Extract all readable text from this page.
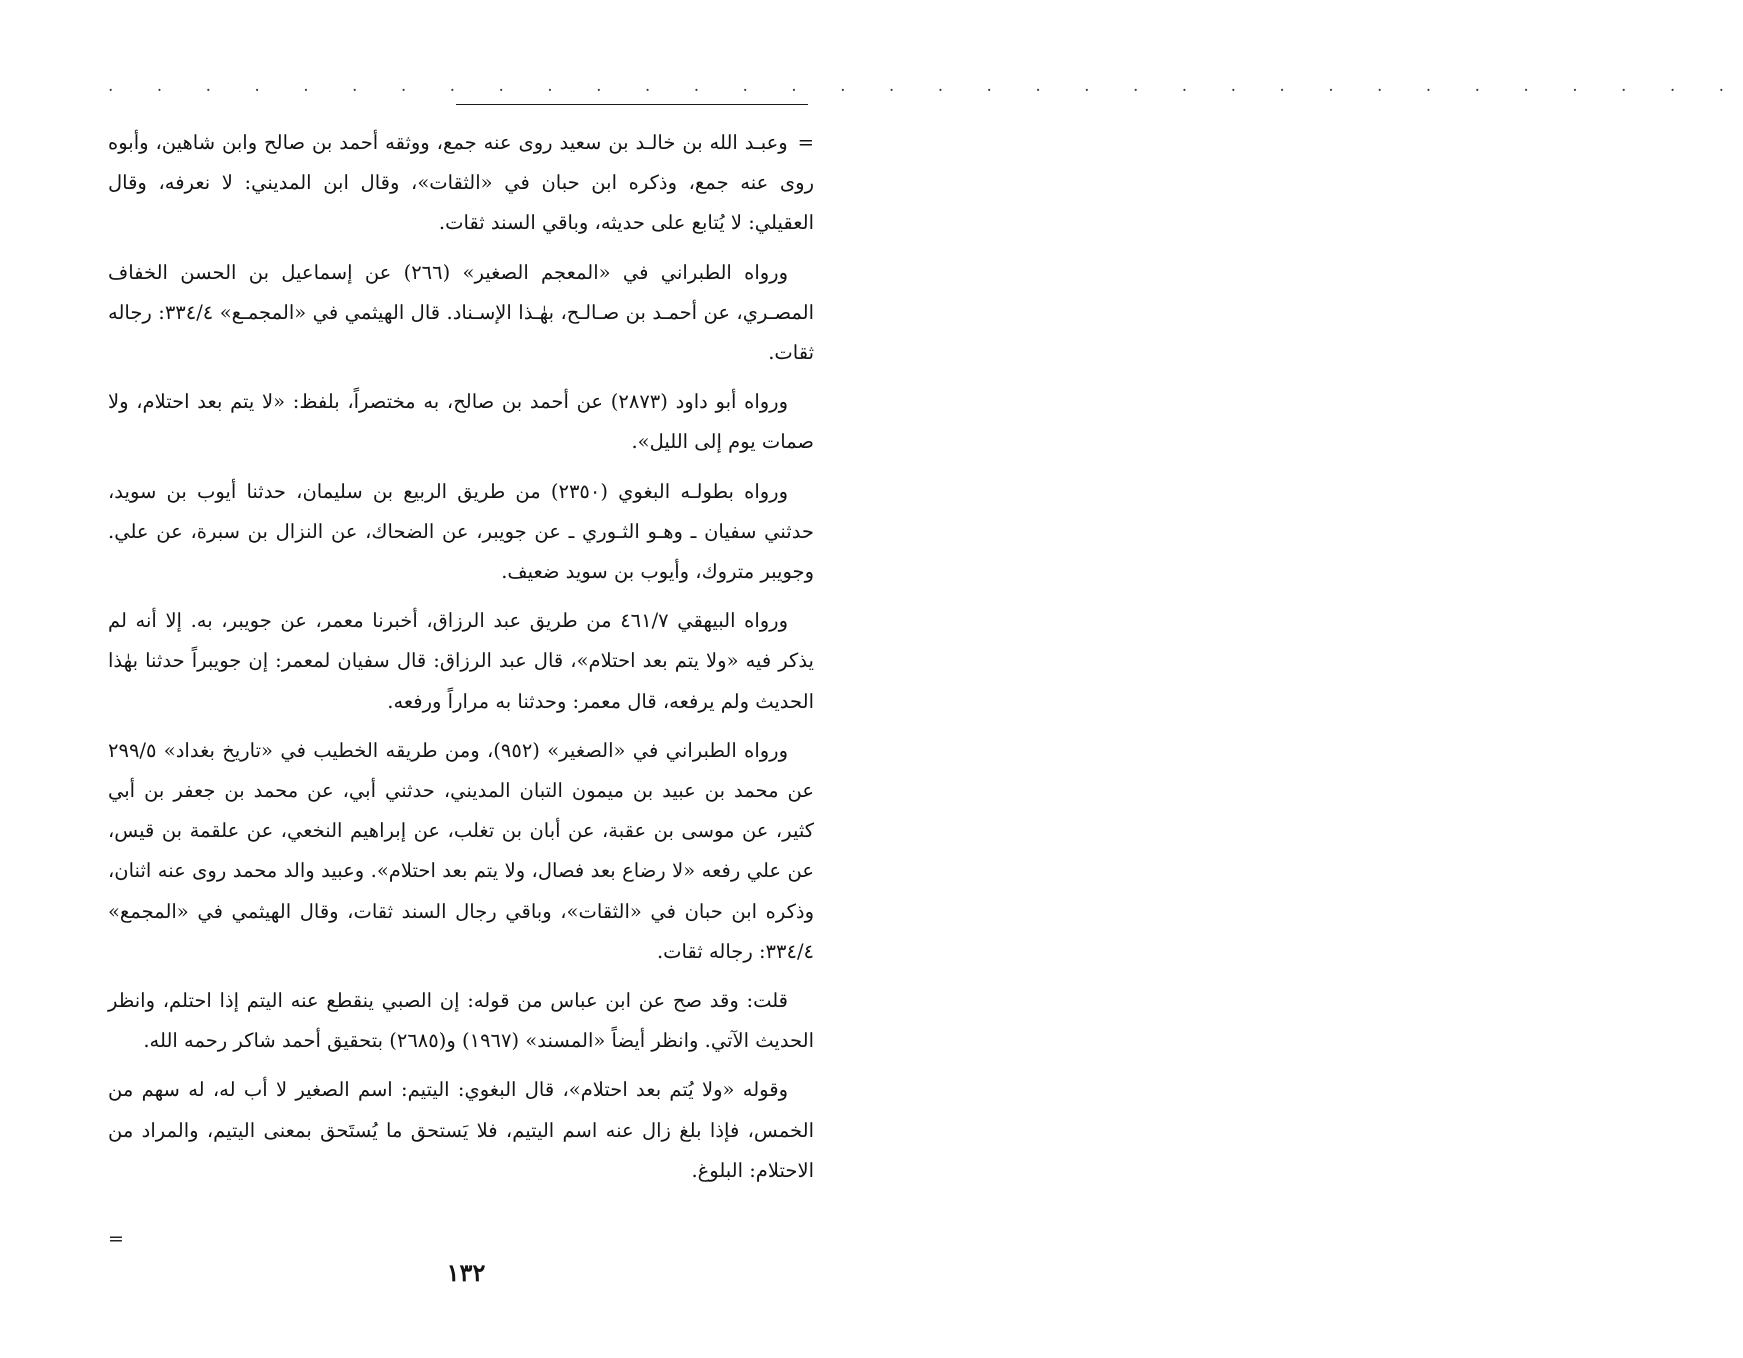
. . . . . . . . . . . . . . . . . . . . . . . . . . . . . . . . . .

=وعبـد الله بن خالـد بن سعيد روى عنه جمع، ووثقه أحمد بن صالح وابن شاهين، وأبوه روى عنه جمع، وذكره ابن حبان في «الثقات»، وقال ابن المديني: لا نعرفه، وقال العقيلي: لا يُتابع على حديثه، وباقي السند ثقات.

ورواه الطبراني في «المعجم الصغير» (٢٦٦) عن إسماعيل بن الحسن الخفاف المصـري، عن أحمـد بن صـالـح، بهٰـذا الإسـناد. قال الهيثمي في «المجمـع» ٣٣٤/٤: رجاله ثقات.

ورواه أبو داود (٢٨٧٣) عن أحمد بن صالح، به مختصراً، بلفظ: «لا يتم بعد احتلام، ولا صمات يوم إلى الليل».

ورواه بطولـه البغوي (٢٣٥٠) من طريق الربيع بن سليمان، حدثنا أيوب بن سويد، حدثني سفيان ـ وهـو الثـوري ـ عن جويبر، عن الضحاك، عن النزال بن سبرة، عن علي. وجويبر متروك، وأيوب بن سويد ضعيف.

ورواه البيهقي ٤٦١/٧ من طريق عبد الرزاق، أخبرنا معمر، عن جويبر، به. إلا أنه لم يذكر فيه «ولا يتم بعد احتلام»، قال عبد الرزاق: قال سفيان لمعمر: إن جويبراً حدثنا بهٰذا الحديث ولم يرفعه، قال معمر: وحدثنا به مراراً ورفعه.

ورواه الطبراني في «الصغير» (٩٥٢)، ومن طريقه الخطيب في «تاريخ بغداد» ٢٩٩/٥ عن محمد بن عبيد بن ميمون التبان المديني، حدثني أبي، عن محمد بن جعفر بن أبي كثير، عن موسى بن عقبة، عن أبان بن تغلب، عن إبراهيم النخعي، عن علقمة بن قيس، عن علي رفعه «لا رضاع بعد فصال، ولا يتم بعد احتلام». وعبيد والد محمد روى عنه اثنان، وذكره ابن حبان في «الثقات»، وباقي رجال السند ثقات، وقال الهيثمي في «المجمع» ٣٣٤/٤: رجاله ثقات.

قلت: وقد صح عن ابن عباس من قوله: إن الصبي ينقطع عنه اليتم إذا احتلم، وانظر الحديث الآتي. وانظر أيضاً «المسند» (١٩٦٧) و(٢٦٨٥) بتحقيق أحمد شاكر رحمه الله.

وقوله «ولا يُتم بعد احتلام»، قال البغوي: اليتيم: اسم الصغير لا أب له، له سهم من الخمس، فإذا بلغ زال عنه اسم اليتيم، فلا يَستحق ما يُستَحق بمعنى اليتيم، والمراد من الاحتلام: البلوغ.

=
١٣٢
